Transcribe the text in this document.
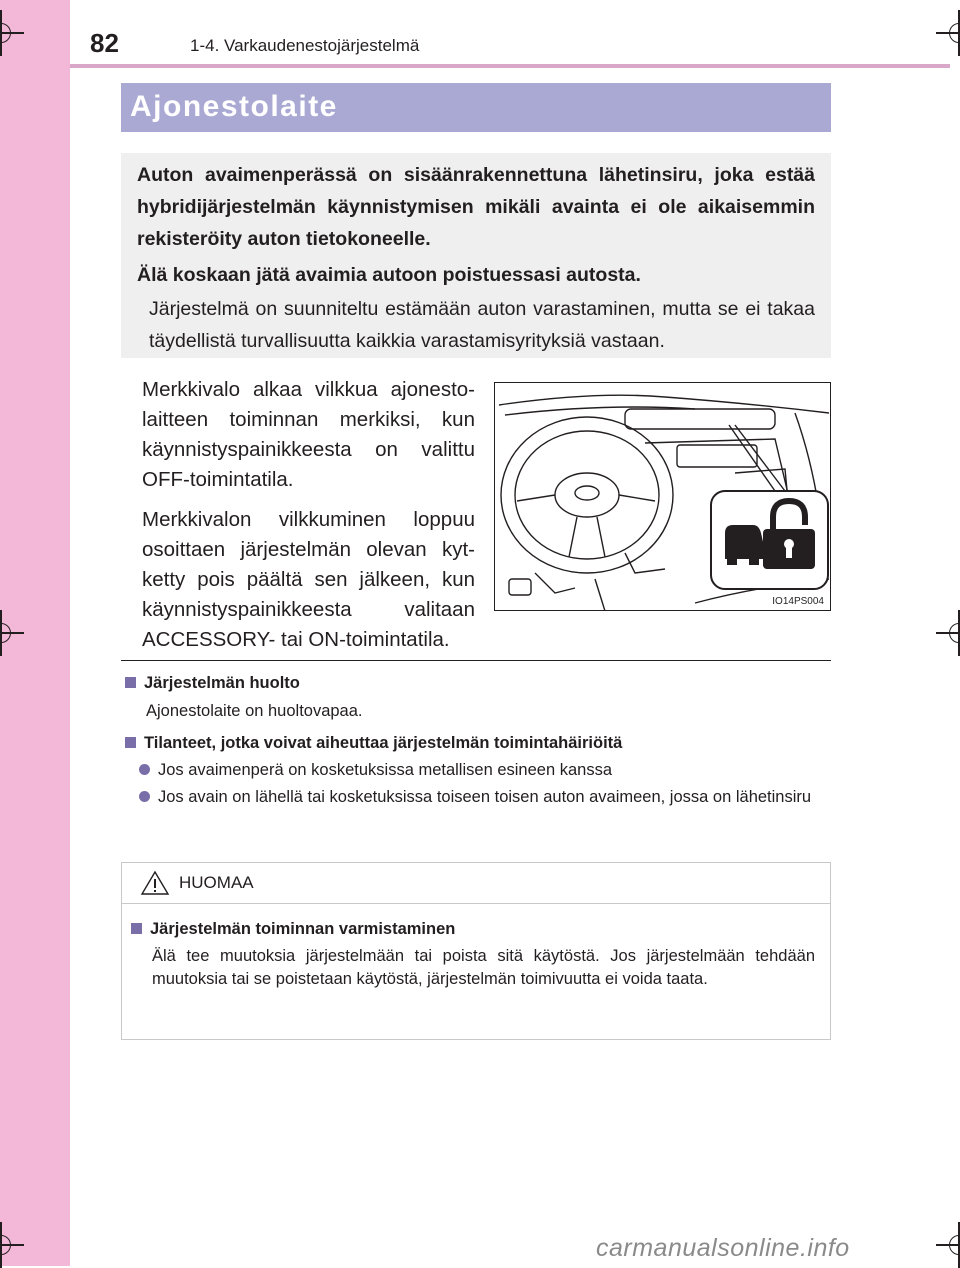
82	1-4. Varkaudenestojärjestelmä
Ajonestolaite

Auton avaimenperässä on sisäänrakennettuna lähetinsiru, joka estää hybridijärjestelmän käynnistymisen mikäli avainta ei ole aikaisemmin rekisteröity auton tietokoneelle.

Älä koskaan jätä avaimia autoon poistuessasi autosta.

Järjestelmä on suunniteltu estämään auton varastaminen, mutta se ei takaa täydellistä turvallisuutta kaikkia varastamisyrityksiä vastaan.

Merkkivalo alkaa vilkkua ajonesto-laitteen toiminnan merkiksi, kun käynnistyspainikkeesta on valittu OFF-toimintatila.

Merkkivalon vilkkuminen loppuu osoittaen järjestelmän olevan kyt-ketty pois päältä sen jälkeen, kun käynnistyspainikkeesta valitaan ACCESSORY- tai ON-toimintatila.

IO14PS004
Järjestelmän huolto
Ajonestolaite on huoltovapaa.
Tilanteet, jotka voivat aiheuttaa järjestelmän toimintahäiriöitä
Jos avaimenperä on kosketuksissa metallisen esineen kanssa
Jos avain on lähellä tai kosketuksissa toiseen toisen auton avaimeen, jossa on lähetinsiru
HUOMAA
Järjestelmän toiminnan varmistaminen
Älä tee muutoksia järjestelmään tai poista sitä käytöstä. Jos järjestelmään tehdään muutoksia tai se poistetaan käytöstä, järjestelmän toimivuutta ei voida taata.
carmanualsonline.info
